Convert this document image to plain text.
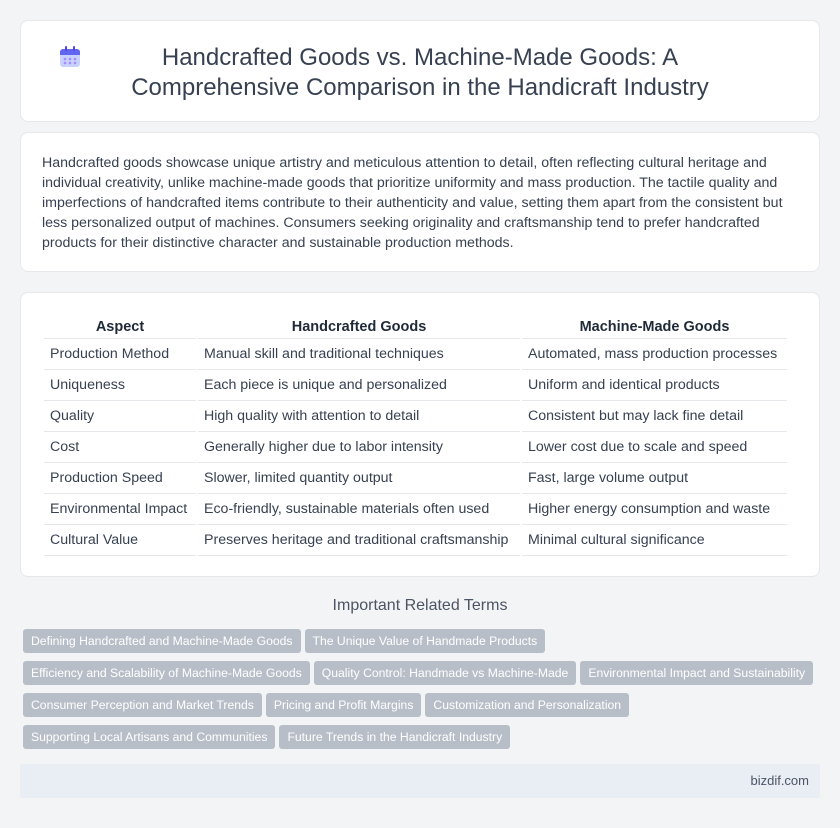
Handcrafted Goods vs. Machine-Made Goods: A Comprehensive Comparison in the Handicraft Industry

Handcrafted goods showcase unique artistry and meticulous attention to detail, often reflecting cultural heritage and individual creativity, unlike machine-made goods that prioritize uniformity and mass production. The tactile quality and imperfections of handcrafted items contribute to their authenticity and value, setting them apart from the consistent but less personalized output of machines. Consumers seeking originality and craftsmanship tend to prefer handcrafted products for their distinctive character and sustainable production methods.

Aspect	Handcrafted Goods	Machine-Made Goods
Production Method	Manual skill and traditional techniques	Automated, mass production processes
Uniqueness	Each piece is unique and personalized	Uniform and identical products
Quality	High quality with attention to detail	Consistent but may lack fine detail
Cost	Generally higher due to labor intensity	Lower cost due to scale and speed
Production Speed	Slower, limited quantity output	Fast, large volume output
Environmental Impact	Eco-friendly, sustainable materials often used	Higher energy consumption and waste
Cultural Value	Preserves heritage and traditional craftsmanship	Minimal cultural significance
Important Related Terms
Defining Handcrafted and Machine-Made Goods The Unique Value of Handmade Products
Efficiency and Scalability of Machine-Made Goods Quality Control: Handmade vs Machine-Made Environmental Impact and Sustainability
Consumer Perception and Market Trends Pricing and Profit Margins Customization and Personalization
Supporting Local Artisans and Communities Future Trends in the Handicraft Industry
bizdif.com
